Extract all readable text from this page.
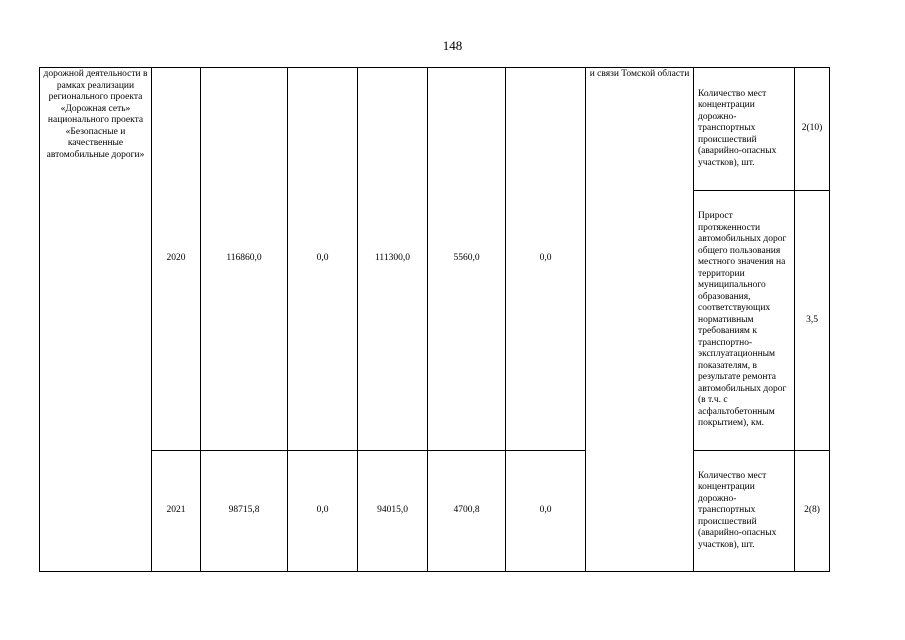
148
дорожной деятельности в рамках реализации регионального проекта «Дорожная сеть» национального проекта «Безопасные и качественные автомобильные дороги»	2020	116860,0	0,0	111300,0	5560,0	0,0	и связи Томской области	Количество мест концентрации дорожно-транспортных происшествий (аварийно-опасных участков), шт.	2(10)
								Прирост протяженности автомобильных дорог общего пользования местного значения на территории муниципального образования, соответствующих нормативным требованиям к транспортно-эксплуатационным показателям, в результате ремонта автомобильных дорог (в т.ч. с асфальтобетонным покрытием), км.	3,5
	2021	98715,8	0,0	94015,0	4700,8	0,0		Количество мест концентрации дорожно-транспортных происшествий (аварийно-опасных участков), шт.	2(8)
